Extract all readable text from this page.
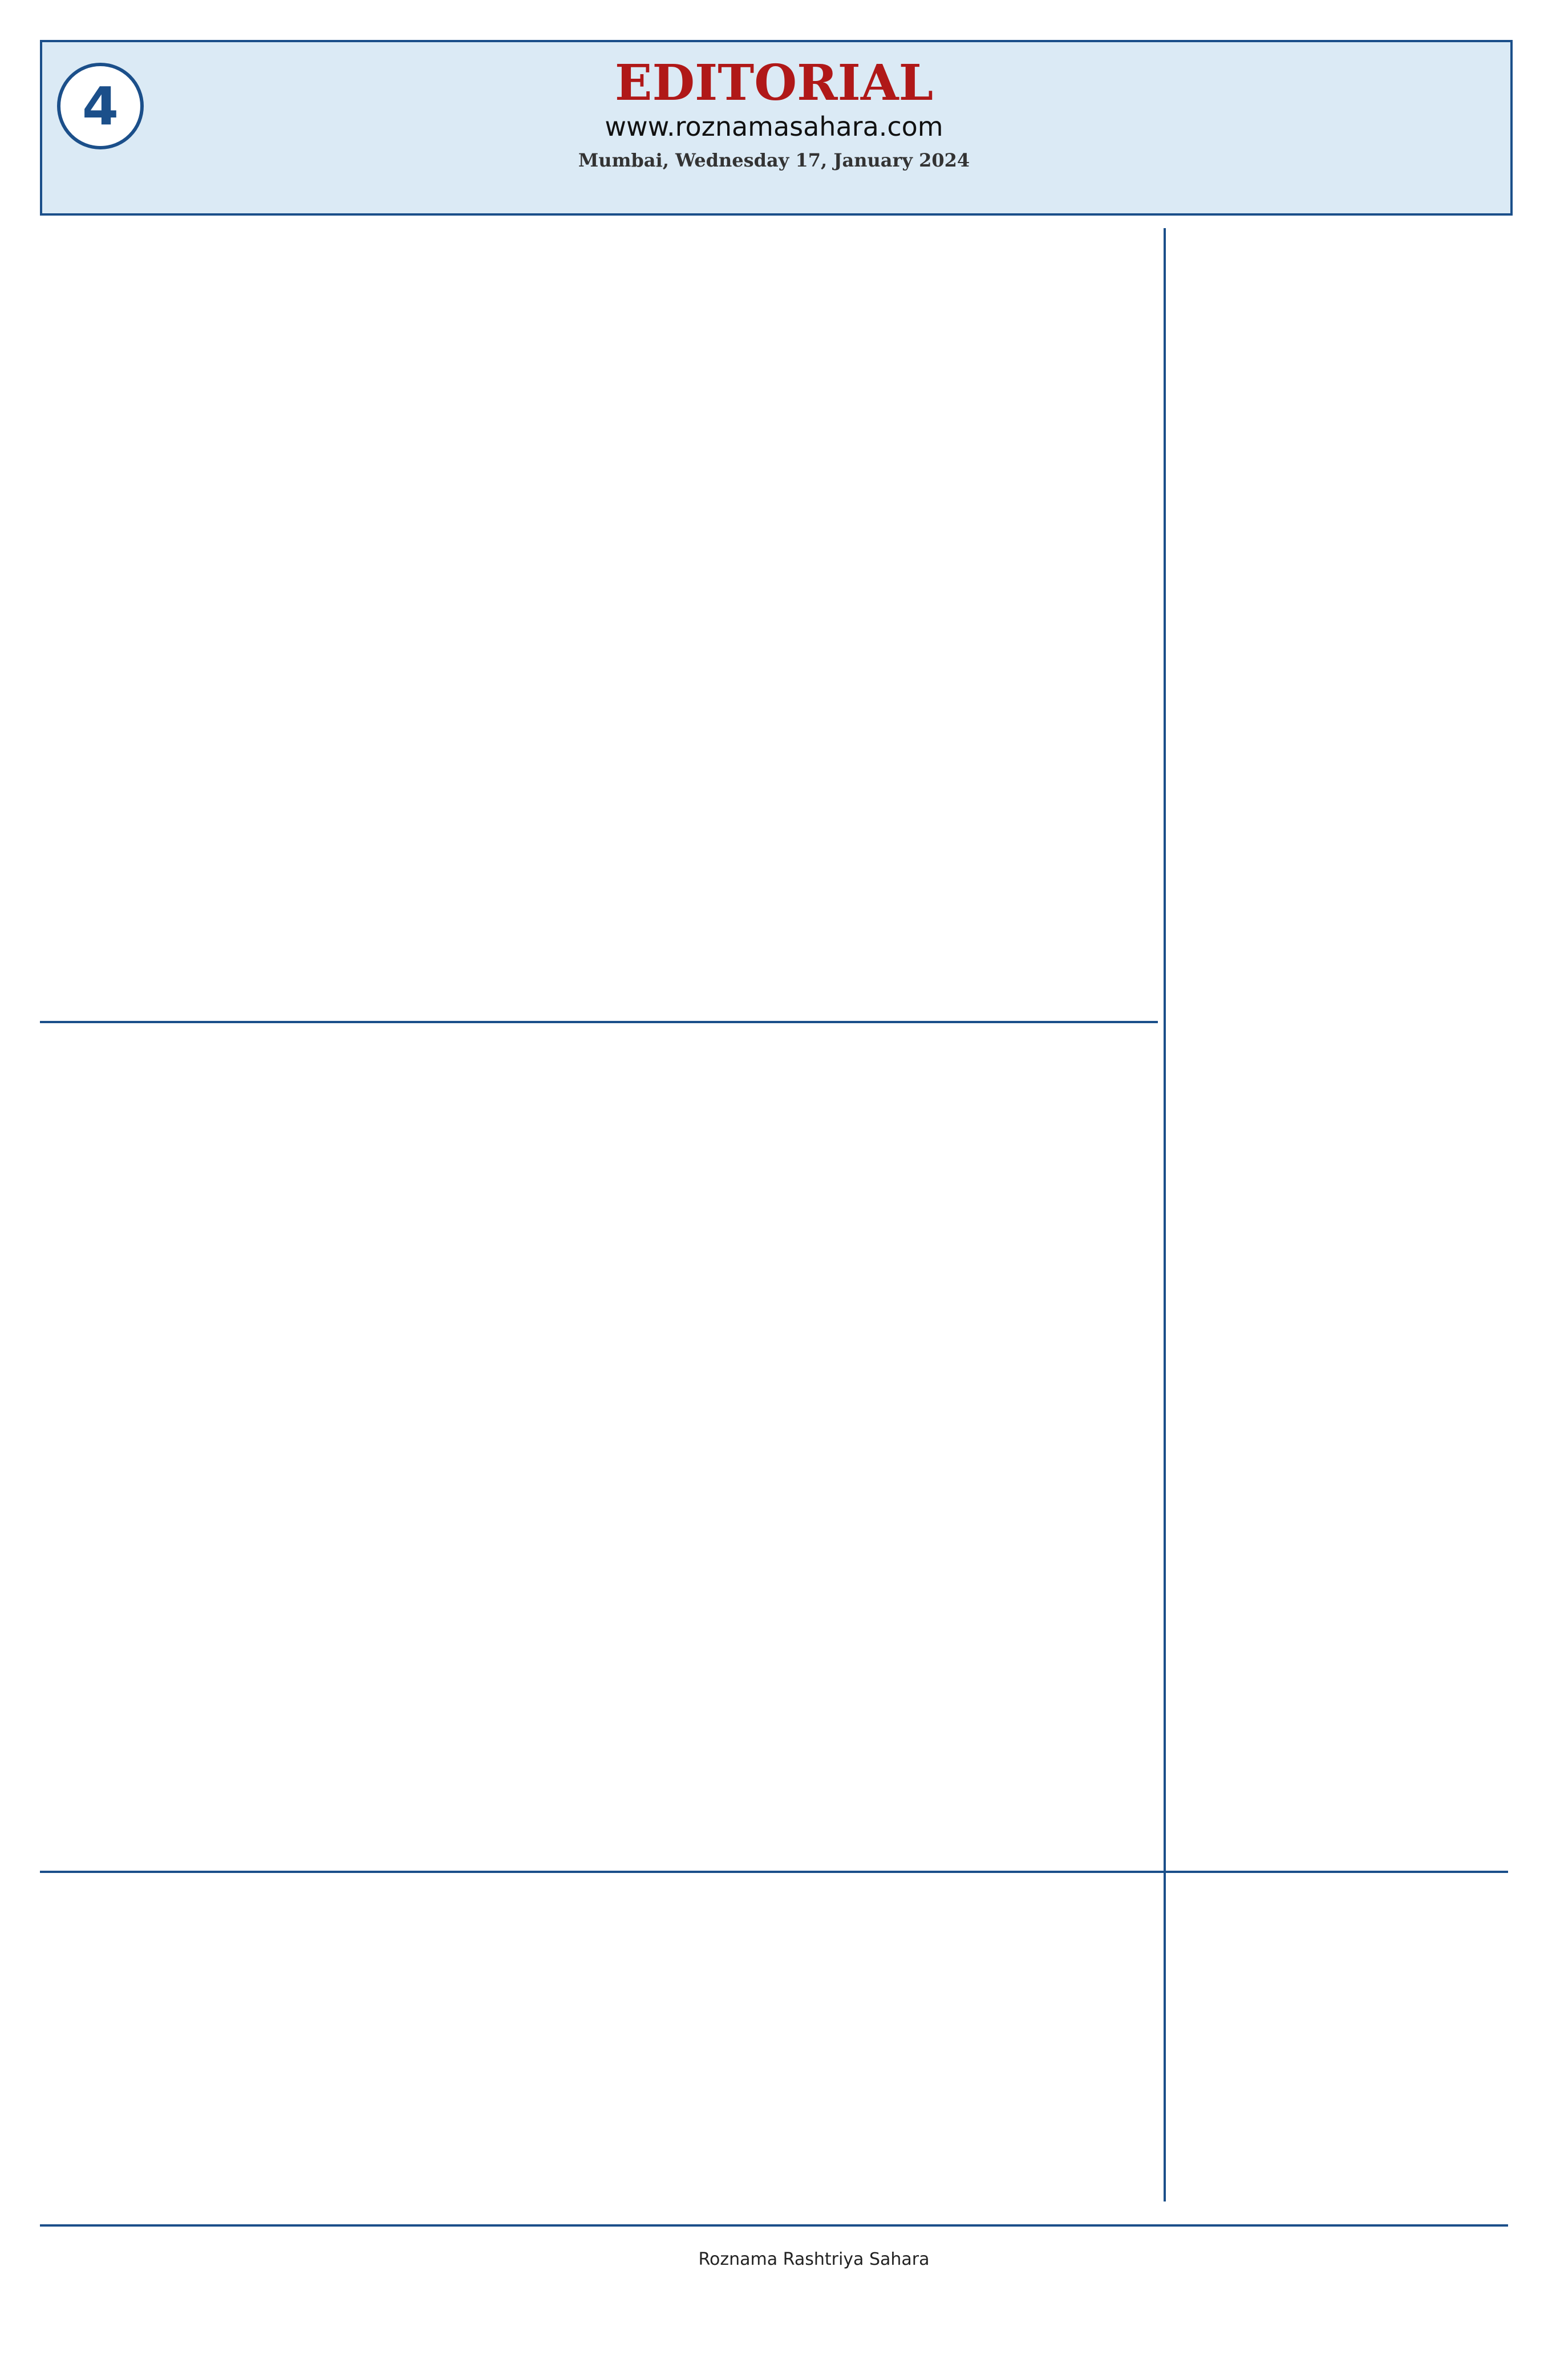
4	EDITORIAL
www.roznamasahara.com
Mumbai, Wednesday 17, January 2024
Roznama Rashtriya Sahara
